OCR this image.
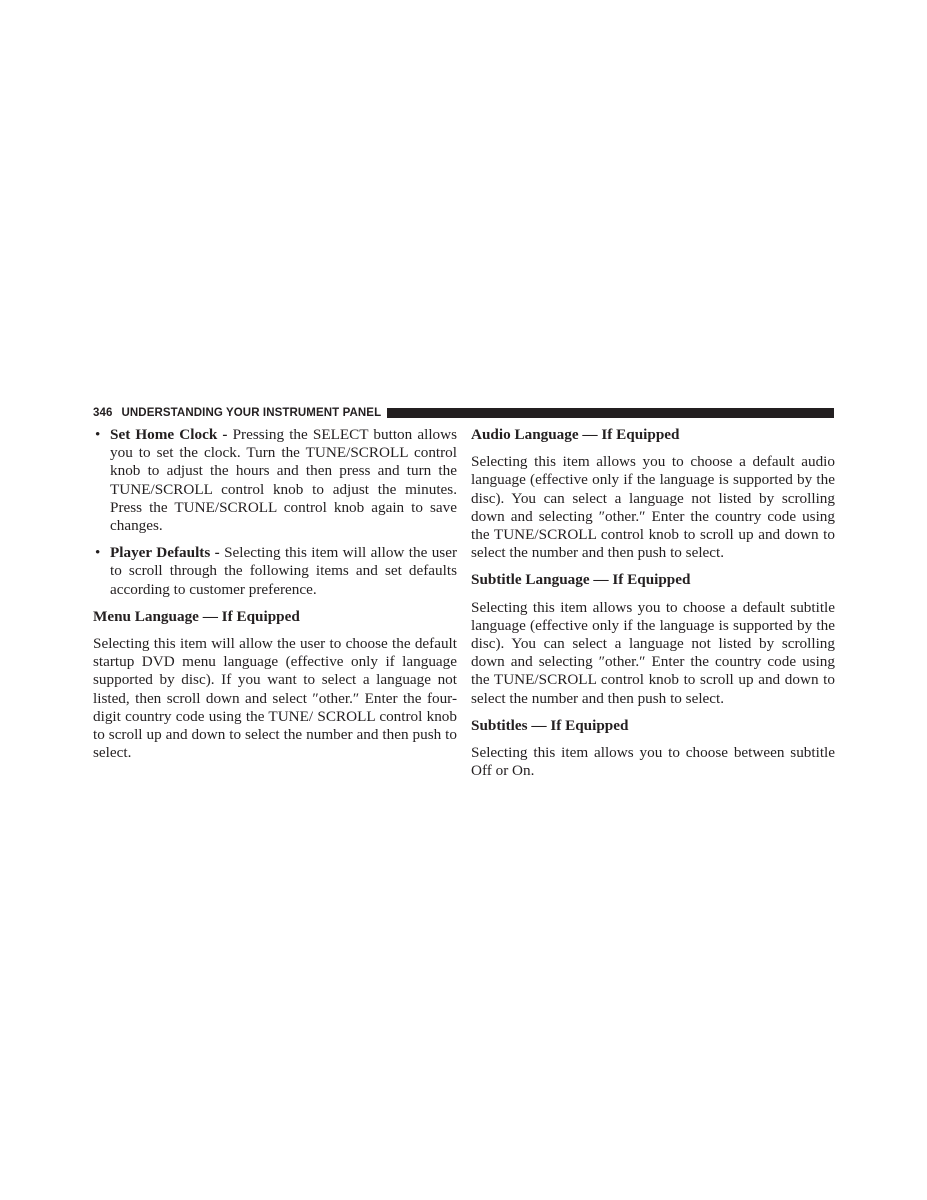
346 UNDERSTANDING YOUR INSTRUMENT PANEL
• Set Home Clock - Pressing the SELECT button allows you to set the clock. Turn the TUNE/SCROLL control knob to adjust the hours and then press and turn the TUNE/SCROLL control knob to adjust the minutes. Press the TUNE/SCROLL control knob again to save changes.
• Player Defaults - Selecting this item will allow the user to scroll through the following items and set defaults according to customer preference.
Menu Language — If Equipped

Selecting this item will allow the user to choose the default startup DVD menu language (effective only if language supported by disc). If you want to select a language not listed, then scroll down and select ″other.″ Enter the four-digit country code using the TUNE/ SCROLL control knob to scroll up and down to select the number and then push to select.

Audio Language — If Equipped

Selecting this item allows you to choose a default audio language (effective only if the language is supported by the disc). You can select a language not listed by scrolling down and selecting ″other.″ Enter the country code using the TUNE/SCROLL control knob to scroll up and down to select the number and then push to select.

Subtitle Language — If Equipped

Selecting this item allows you to choose a default subtitle language (effective only if the language is supported by the disc). You can select a language not listed by scrolling down and selecting ″other.″ Enter the country code using the TUNE/SCROLL control knob to scroll up and down to select the number and then push to select.

Subtitles — If Equipped

Selecting this item allows you to choose between subtitle Off or On.
